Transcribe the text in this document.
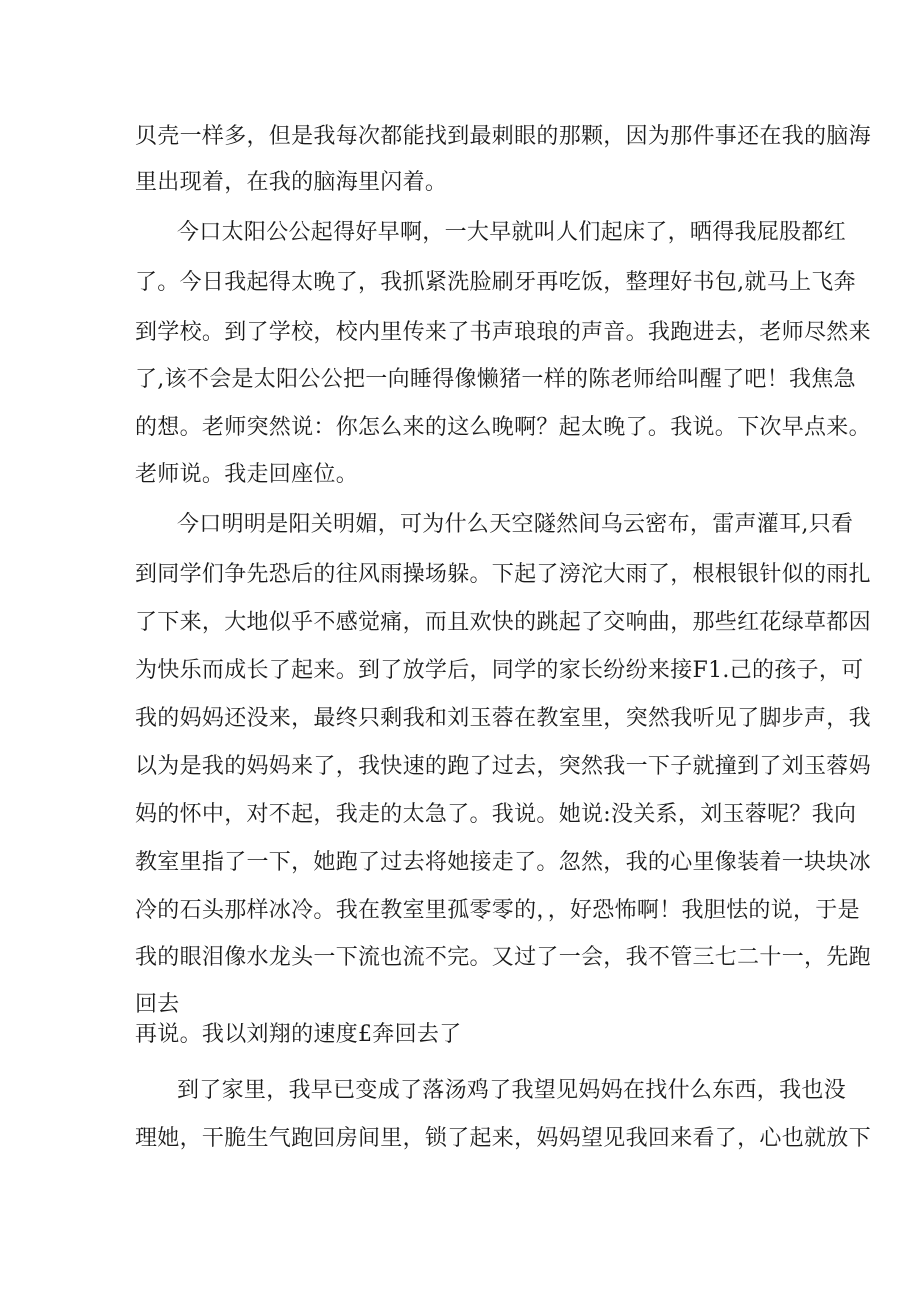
贝壳一样多，但是我每次都能找到最刺眼的那颗，因为那件事还在我的脑海
里出现着，在我的脑海里闪着。
今口太阳公公起得好早啊，一大早就叫人们起床了，晒得我屁股都红
了。今日我起得太晚了，我抓紧洗脸刷牙再吃饭，整理好书包,就马上飞奔
到学校。到了学校，校内里传来了书声琅琅的声音。我跑进去，老师尽然来
了,该不会是太阳公公把一向睡得像懒猪一样的陈老师给叫醒了吧！我焦急
的想。老师突然说：你怎么来的这么晚啊？起太晚了。我说。下次早点来。
老师说。我走回座位。
今口明明是阳关明媚，可为什么天空隧然间乌云密布，雷声灌耳,只看
到同学们争先恐后的往风雨操场躲。下起了滂沱大雨了，根根银针似的雨扎
了下来，大地似乎不感觉痛，而且欢快的跳起了交响曲，那些红花绿草都因
为快乐而成长了起来。到了放学后，同学的家长纷纷来接F1.己的孩子，可
我的妈妈还没来，最终只剩我和刘玉蓉在教室里，突然我听见了脚步声，我
以为是我的妈妈来了，我快速的跑了过去，突然我一下子就撞到了刘玉蓉妈
妈的怀中，对不起，我走的太急了。我说。她说:没关系，刘玉蓉呢？我向
教室里指了一下，她跑了过去将她接走了。忽然，我的心里像装着一块块冰
冷的石头那样冰冷。我在教室里孤零零的，，好恐怖啊！我胆怯的说，于是
我的眼泪像水龙头一下流也流不完。又过了一会，我不管三七二十一，先跑
回去
再说。我以刘翔的速度£奔回去了
到了家里，我早已变成了落汤鸡了我望见妈妈在找什么东西，我也没
理她，干脆生气跑回房间里，锁了起来，妈妈望见我回来看了，心也就放下
